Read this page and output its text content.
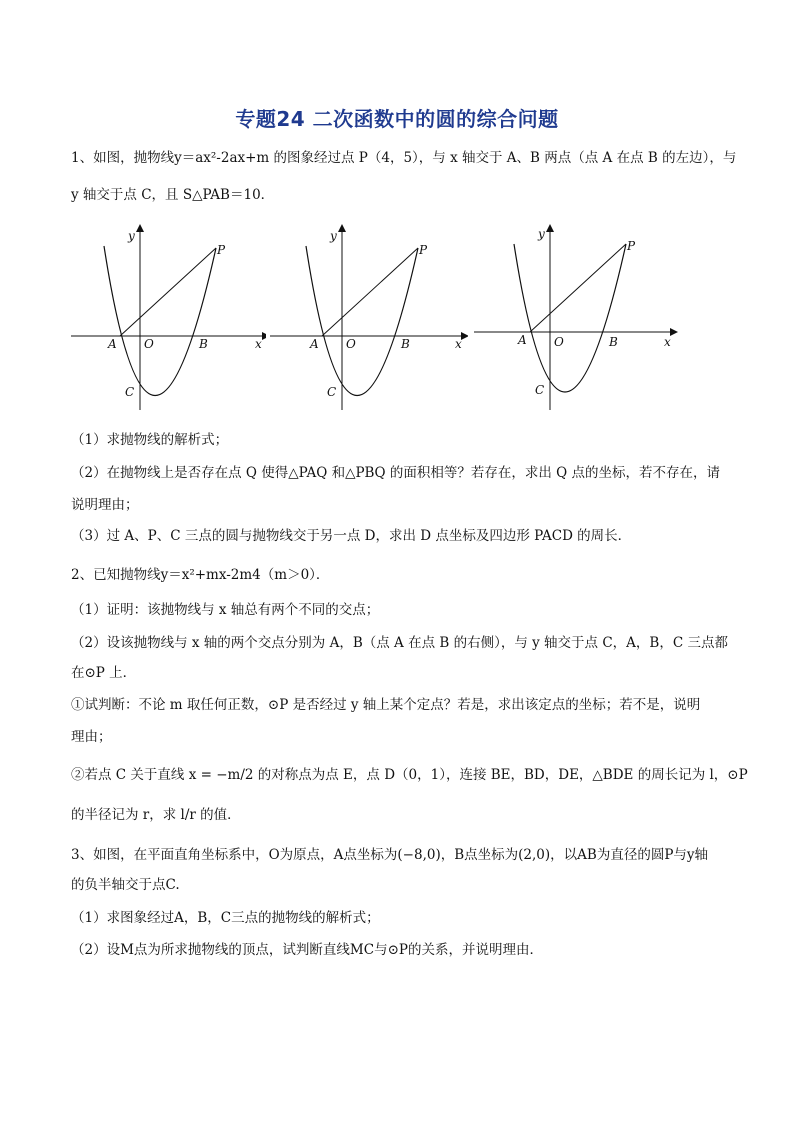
专题24 二次函数中的圆的综合问题
1、如图，抛物线y＝ax²-2ax+m 的图象经过点 P（4，5），与 x 轴交于 A、B 两点（点 A 在点 B 的左边），与
y 轴交于点 C，且 S△PAB＝10．
y
x
A O	B
C
P
y
x
A O	B
C
P
y
x
A O	B
C
P
（1）求抛物线的解析式；
（2）在抛物线上是否存在点 Q 使得△PAQ 和△PBQ 的面积相等？若存在，求出 Q 点的坐标，若不存在，请
说明理由；
（3）过 A、P、C 三点的圆与抛物线交于另一点 D，求出 D 点坐标及四边形 PACD 的周长．
2、已知抛物线y＝x²+mx-2m4（m＞0）．
（1）证明：该抛物线与 x 轴总有两个不同的交点；
（2）设该抛物线与 x 轴的两个交点分别为 A，B（点 A 在点 B 的右侧），与 y 轴交于点 C，A，B，C 三点都
在⊙P 上．
①试判断：不论 m 取任何正数，⊙P 是否经过 y 轴上某个定点？若是，求出该定点的坐标；若不是，说明
理由；
②若点 C 关于直线 x = −m/2 的对称点为点 E，点 D（0，1），连接 BE，BD，DE，△BDE 的周长记为 l，⊙P
的半径记为 r，求 l/r 的值．
3、如图，在平面直角坐标系中，O为原点，A点坐标为(−8,0)，B点坐标为(2,0)，以AB为直径的圆P与y轴
的负半轴交于点C.
（1）求图象经过A，B，C三点的抛物线的解析式；
（2）设M点为所求抛物线的顶点，试判断直线MC与⊙P的关系，并说明理由．
